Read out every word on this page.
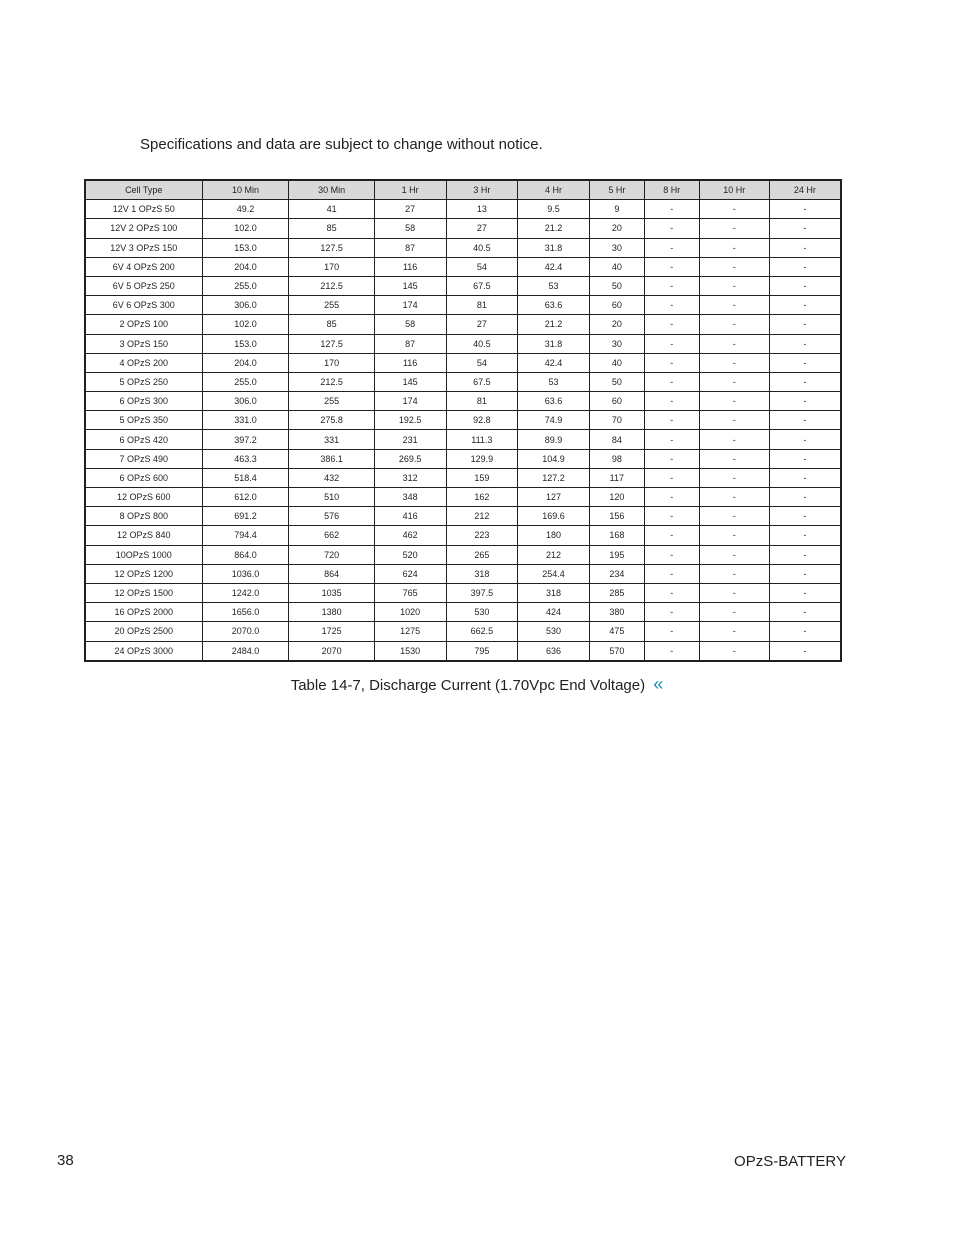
Specifications and data are subject to change without notice.
Cell Type	10 Min	30 Min	1 Hr	3 Hr	4 Hr	5 Hr	8 Hr	10 Hr	24 Hr
12V 1 OPzS 50	49.2	41	27	13	9.5	9	-	-	-
12V 2 OPzS 100	102.0	85	58	27	21.2	20	-	-	-
12V 3 OPzS 150	153.0	127.5	87	40.5	31.8	30	-	-	-
6V 4 OPzS 200	204.0	170	116	54	42.4	40	-	-	-
6V 5 OPzS 250	255.0	212.5	145	67.5	53	50	-	-	-
6V 6 OPzS 300	306.0	255	174	81	63.6	60	-	-	-
2 OPzS 100	102.0	85	58	27	21.2	20	-	-	-
3 OPzS 150	153.0	127.5	87	40.5	31.8	30	-	-	-
4 OPzS 200	204.0	170	116	54	42.4	40	-	-	-
5 OPzS 250	255.0	212.5	145	67.5	53	50	-	-	-
6 OPzS 300	306.0	255	174	81	63.6	60	-	-	-
5 OPzS 350	331.0	275.8	192.5	92.8	74.9	70	-	-	-
6 OPzS 420	397.2	331	231	111.3	89.9	84	-	-	-
7 OPzS 490	463.3	386.1	269.5	129.9	104.9	98	-	-	-
6 OPzS 600	518.4	432	312	159	127.2	117	-	-	-
12 OPzS 600	612.0	510	348	162	127	120	-	-	-
8 OPzS 800	691.2	576	416	212	169.6	156	-	-	-
12 OPzS 840	794.4	662	462	223	180	168	-	-	-
10OPzS 1000	864.0	720	520	265	212	195	-	-	-
12 OPzS 1200	1036.0	864	624	318	254.4	234	-	-	-
12 OPzS 1500	1242.0	1035	765	397.5	318	285	-	-	-
16 OPzS 2000	1656.0	1380	1020	530	424	380	-	-	-
20 OPzS 2500	2070.0	1725	1275	662.5	530	475	-	-	-
24 OPzS 3000	2484.0	2070	1530	795	636	570	-	-	-
Table 14-7, Discharge Current (1.70Vpc End Voltage) «
38	OPzS-BATTERY
